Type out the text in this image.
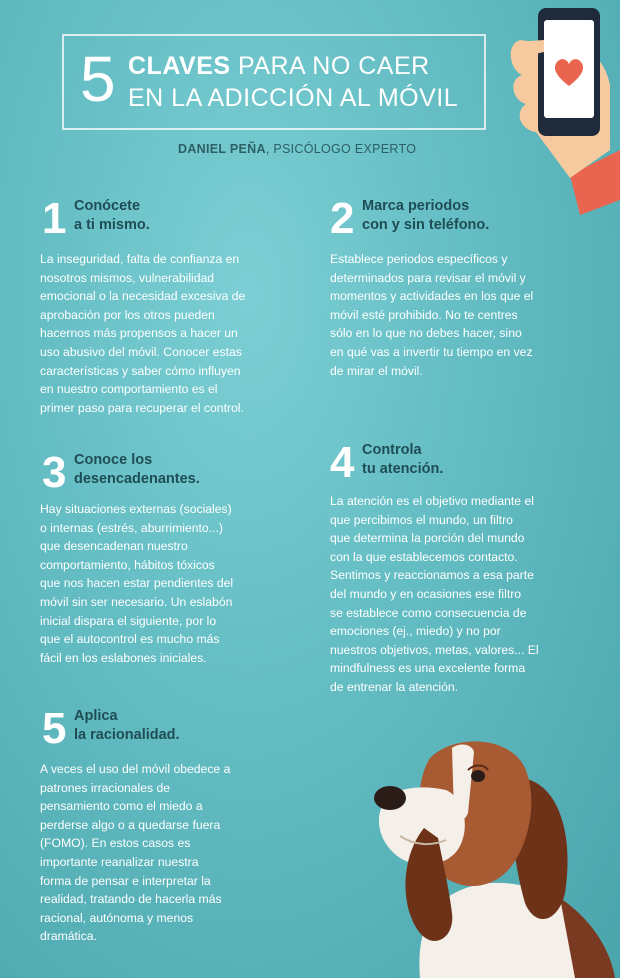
5 CLAVES PARA NO CAER
EN LA ADICCIÓN AL MÓVIL
DANIEL PEÑA, PSICÓLOGO EXPERTO
1 Conócete
a ti mismo.
La inseguridad, falta de confianza en
nosotros mismos, vulnerabilidad
emocional o la necesidad excesiva de
aprobación por los otros pueden
hacernos más propensos a hacer un
uso abusivo del móvil. Conocer estas
características y saber cómo influyen
en nuestro comportamiento es el
primer paso para recuperar el control.
2 Marca periodos
con y sin teléfono.
Establece periodos específicos y
determinados para revisar el móvil y
momentos y actividades en los que el
móvil esté prohibido. No te centres
sólo en lo que no debes hacer, sino
en qué vas a invertir tu tiempo en vez
de mirar el móvil.
3 Conoce los
desencadenantes.
Hay situaciones externas (sociales)
o internas (estrés, aburrimiento...)
que desencadenan nuestro
comportamiento, hábitos tóxicos
que nos hacen estar pendientes del
móvil sin ser necesario. Un eslabón
inicial dispara el siguiente, por lo
que el autocontrol es mucho más
fácil en los eslabones iniciales.
4 Controla
tu atención.
La atención es el objetivo mediante el
que percibimos el mundo, un filtro
que determina la porción del mundo
con la que establecemos contacto.
Sentimos y reaccionamos a esa parte
del mundo y en ocasiones ese filtro
se establece como consecuencia de
emociones (ej., miedo) y no por
nuestros objetivos, metas, valores... El
mindfulness es una excelente forma
de entrenar la atención.
5 Aplica
la racionalidad.
A veces el uso del móvil obedece a
patrones irracionales de
pensamiento como el miedo a
perderse algo o a quedarse fuera
(FOMO). En estos casos es
importante reanalizar nuestra
forma de pensar e interpretar la
realidad, tratando de hacerla más
racional, autónoma y menos
dramática.
